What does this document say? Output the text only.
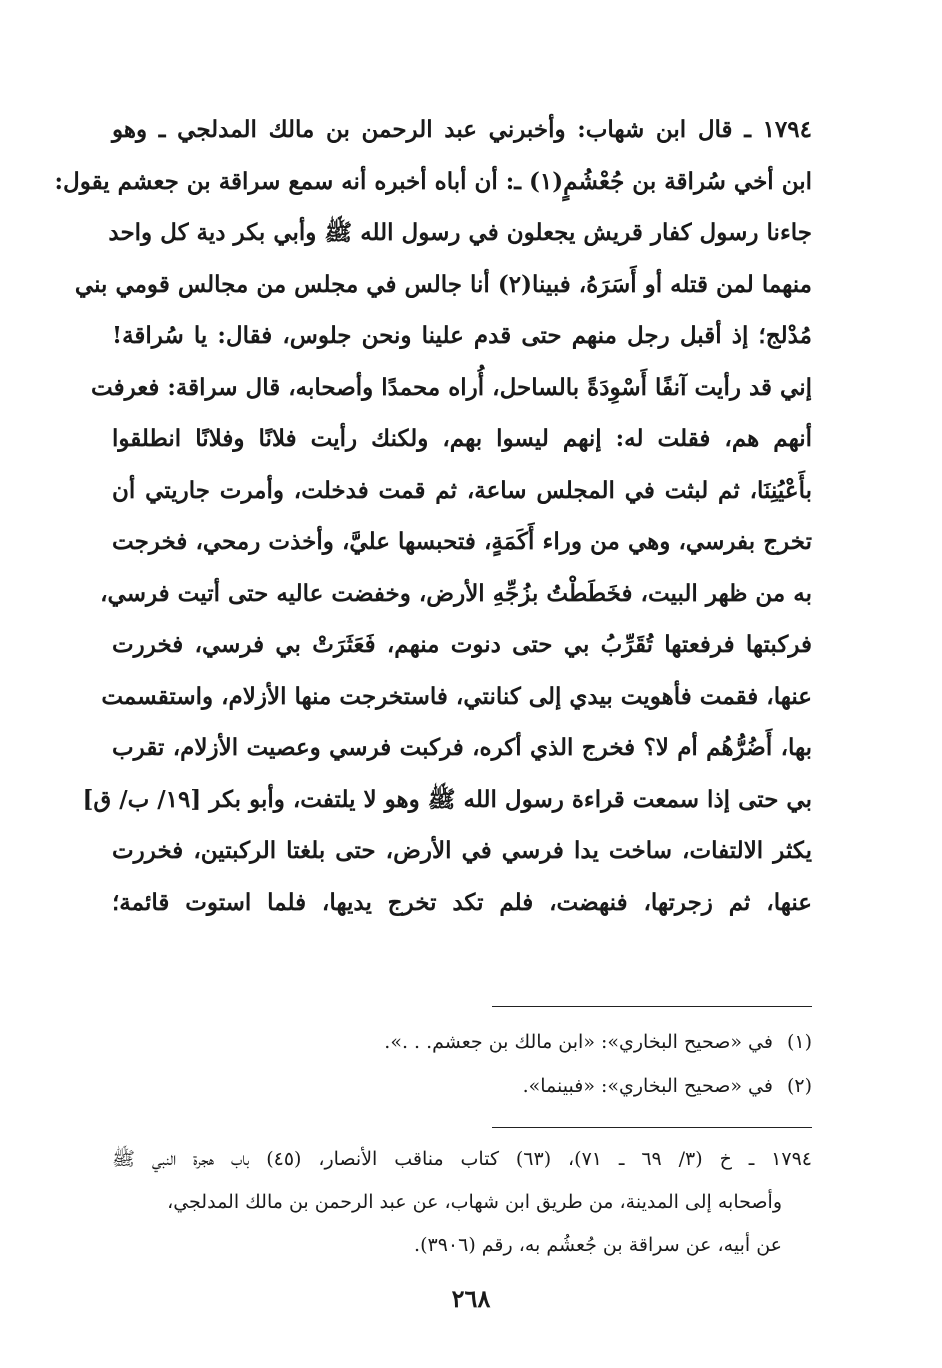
١٧٩٤ ـ قال ابن شهاب: وأخبرني عبد الرحمن بن مالك المدلجي ـ وهو
ابن أخي سُراقة بن جُعْشُمٍ(١) ـ: أن أباه أخبره أنه سمع سراقة بن جعشم يقول:
جاءنا رسول كفار قريش يجعلون في رسول الله ﷺ وأبي بكر دية كل واحد
منهما لمن قتله أو أَسَرَهُ، فبينا(٢) أنا جالس في مجلس من مجالس قومي بني
مُدْلج؛ إذ أقبل رجل منهم حتى قدم علينا ونحن جلوس، فقال: يا سُراقة!
إني قد رأيت آنفًا أَسْوِدَةً بالساحل، أُراه محمدًا وأصحابه، قال سراقة: فعرفت
أنهم هم، فقلت له: إنهم ليسوا بهم، ولكنك رأيت فلانًا وفلانًا انطلقوا
بأَعْيُنِنَا، ثم لبثت في المجلس ساعة، ثم قمت فدخلت، وأمرت جاريتي أن
تخرج بفرسي، وهي من وراء أَكَمَةٍ، فتحبسها عليَّ، وأخذت رمحي، فخرجت
به من ظهر البيت، فخَطَطْتُ بزُجِّهِ الأرض، وخفضت عاليه حتى أتيت فرسي،
فركبتها فرفعتها تُقَرِّبُ بي حتى دنوت منهم، فَعَثَرَتْ بي فرسي، فخررت
عنها، فقمت فأهويت بيدي إلى كنانتي، فاستخرجت منها الأزلام، واستقسمت
بها، أَضُرُّهُم أم لا؟ فخرج الذي أكره، فركبت فرسي وعصيت الأزلام، تقرب
بي حتى إذا سمعت قراءة رسول الله ﷺ وهو لا يلتفت، وأبو بكر [١٩/ ب/ ق]
يكثر الالتفات، ساخت يدا فرسي في الأرض، حتى بلغتا الركبتين، فخررت
عنها، ثم زجرتها، فنهضت، فلم تكد تخرج يديها، فلما استوت قائمة؛
(١)في «صحيح البخاري»: «ابن مالك بن جعشم. . .».
(٢)في «صحيح البخاري»: «فبينما».
١٧٩٤ ـ خ (٣/ ٦٩ ـ ٧١)، (٦٣) كتاب مناقب الأنصار، (٤٥) باب هجرة النبي ﷺ
وأصحابه إلى المدينة، من طريق ابن شهاب، عن عبد الرحمن بن مالك المدلجي،
عن أبيه، عن سراقة بن جُعشُم به، رقم (٣٩٠٦).
٢٦٨
